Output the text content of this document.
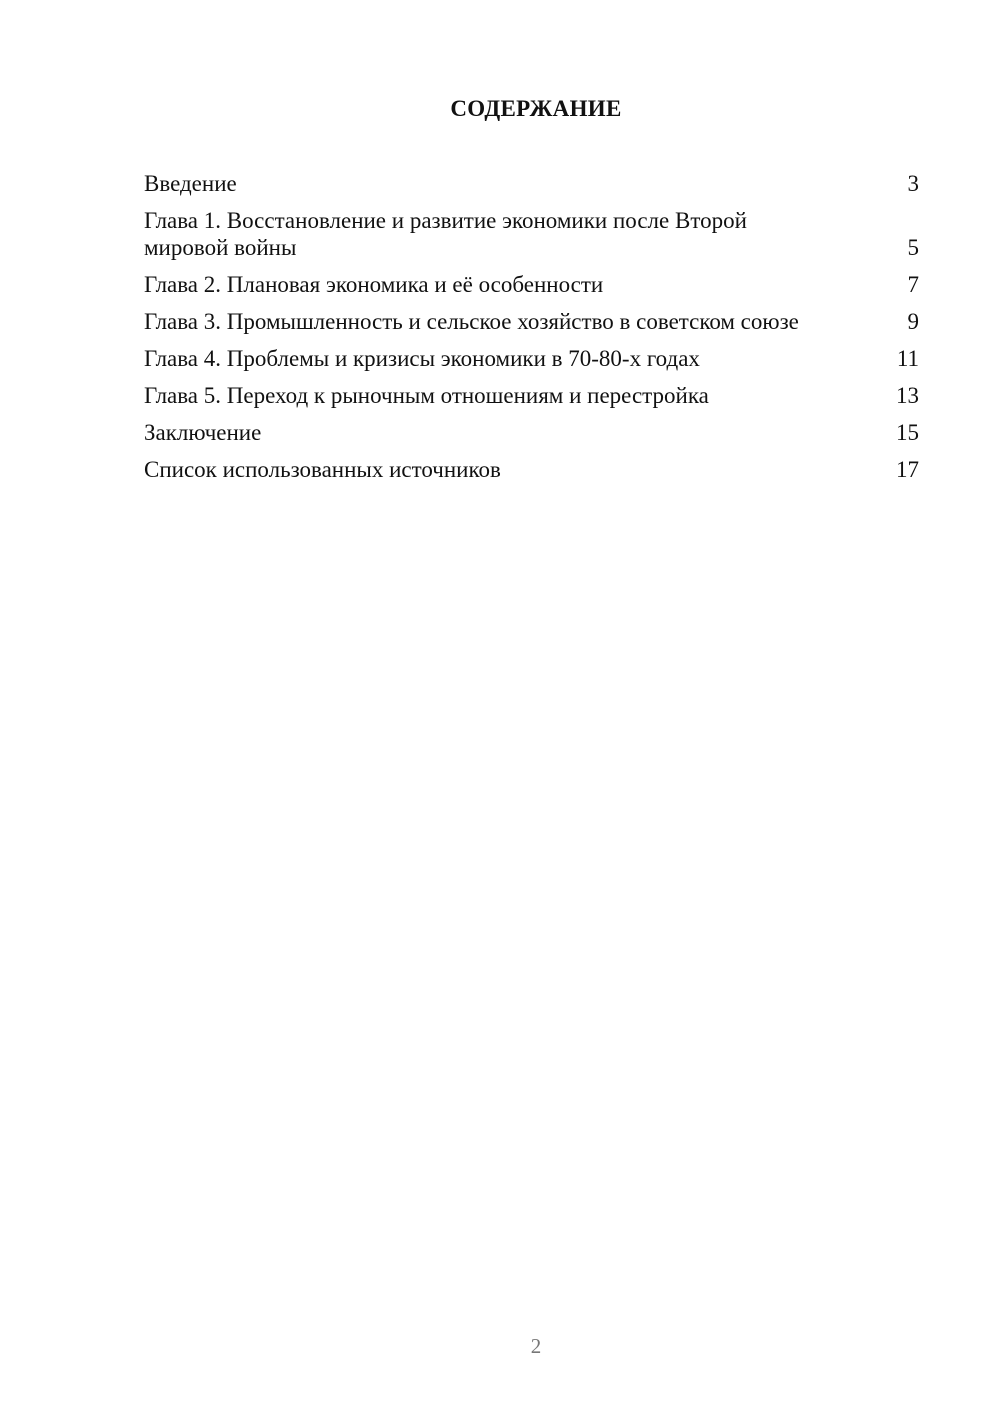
СОДЕРЖАНИЕ
Введение	3
Глава 1. Восстановление и развитие экономики после Второй мировой войны	5
Глава 2. Плановая экономика и её особенности	7
Глава 3. Промышленность и сельское хозяйство в советском союзе	9
Глава 4. Проблемы и кризисы экономики в 70-80-х годах	11
Глава 5. Переход к рыночным отношениям и перестройка	13
Заключение	15
Список использованных источников	17
2
